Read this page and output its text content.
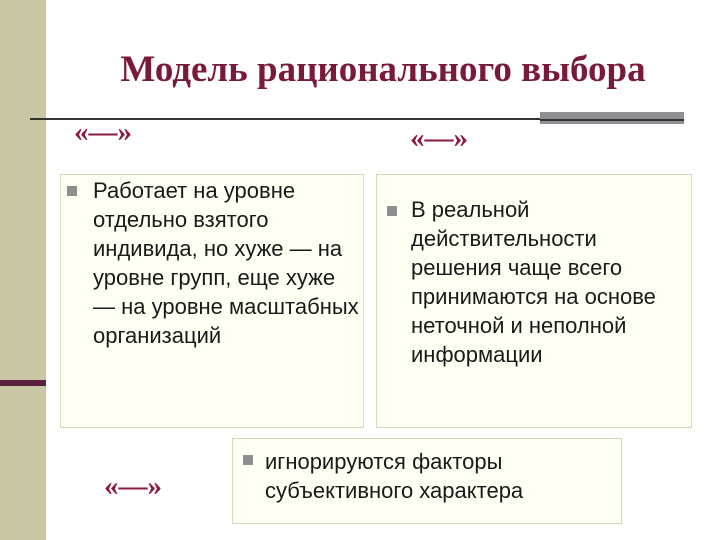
Модель рационального выбора
«—»	«—»
Работает на уровне отдельно взятого индивида, но хуже — на уровне групп, еще хуже — на уровне масштабных организаций
В реальной действительности решения чаще всего принимаются на основе неточной и неполной информации
«—»
игнорируются факторы субъективного характера
